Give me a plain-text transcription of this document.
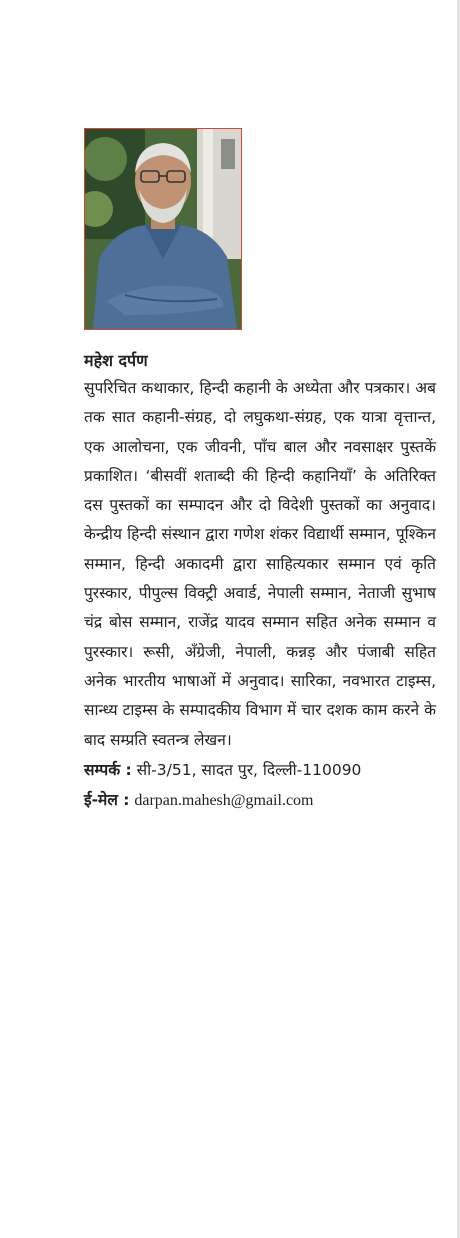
महेश दर्पण

सुपरिचित कथाकार, हिन्दी कहानी के अध्येता और पत्रकार। अब तक सात कहानी-संग्रह, दो लघुकथा-संग्रह, एक यात्रा वृत्तान्त, एक आलोचना, एक जीवनी, पाँच बाल और नवसाक्षर पुस्तकें प्रकाशित। ‘बीसवीं शताब्दी की हिन्दी कहानियाँ’ के अतिरिक्त दस पुस्तकों का सम्पादन और दो विदेशी पुस्तकों का अनुवाद। केन्द्रीय हिन्दी संस्थान द्वारा गणेश शंकर विद्यार्थी सम्मान, पूश्किन सम्मान, हिन्दी अकादमी द्वारा साहित्यकार सम्मान एवं कृति पुरस्कार, पीपुल्स विक्ट्री अवार्ड, नेपाली सम्मान, नेताजी सुभाष चंद्र बोस सम्मान, राजेंद्र यादव सम्मान सहित अनेक सम्मान व पुरस्कार। रूसी, अँग्रेजी, नेपाली, कन्नड़ और पंजाबी सहित अनेक भारतीय भाषाओं में अनुवाद। सारिका, नवभारत टाइम्स, सान्ध्य टाइम्स के सम्पादकीय विभाग में चार दशक काम करने के बाद सम्प्रति स्वतन्त्र लेखन।

सम्पर्क : सी-3/51, सादत पुर, दिल्ली-110090

ई-मेल : darpan.mahesh@gmail.com
